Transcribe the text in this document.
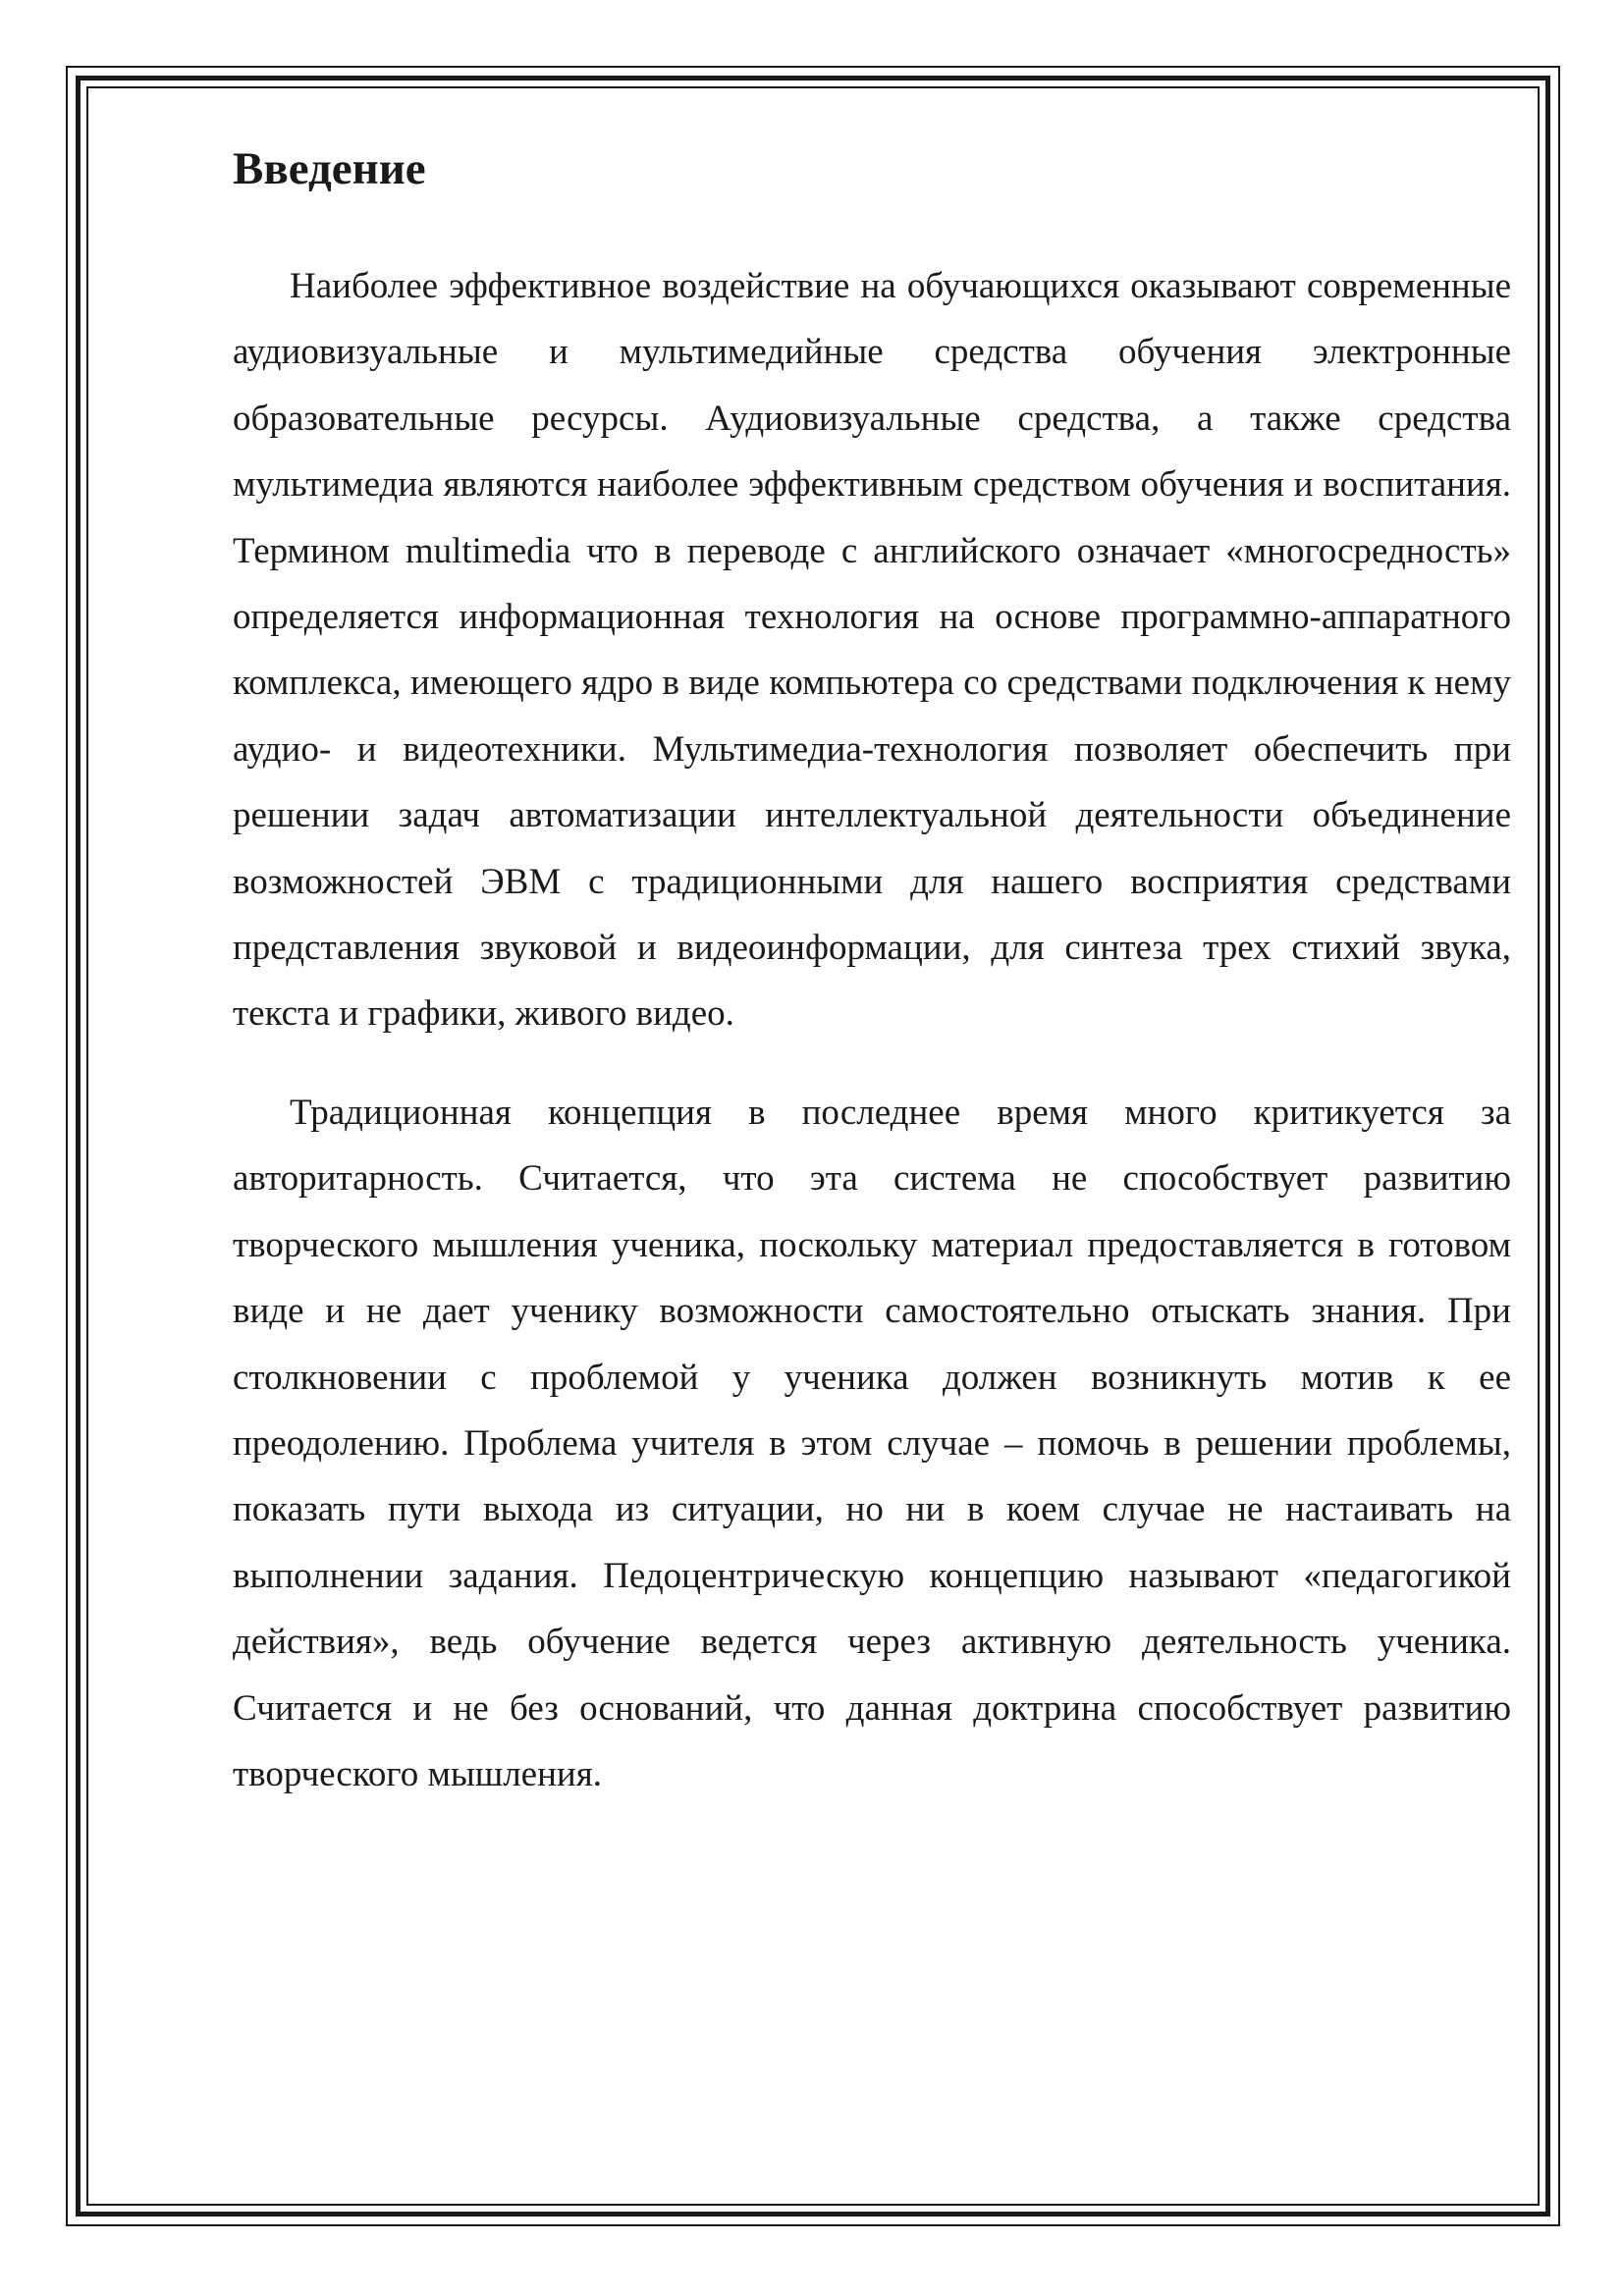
Введение

Наиболее эффективное воздействие на обучающихся оказывают современные аудиовизуальные и мультимедийные средства обучения электронные образовательные ресурсы. Аудиовизуальные средства, а также средства мультимедиа являются наиболее эффективным средством обучения и воспитания. Термином multimedia что в переводе с английского означает «многосредность» определяется информационная технология на основе программно-аппаратного комплекса, имеющего ядро в виде компьютера со средствами подключения к нему аудио- и видеотехники. Мультимедиа-технология позволяет обеспечить при решении задач автоматизации интеллектуальной деятельности объединение возможностей ЭВМ с традиционными для нашего восприятия средствами представления звуковой и видеоинформации, для синтеза трех стихий звука, текста и графики, живого видео.

Традиционная концепция в последнее время много критикуется за авторитарность. Считается, что эта система не способствует развитию творческого мышления ученика, поскольку материал предоставляется в готовом виде и не дает ученику возможности самостоятельно отыскать знания. При столкновении с проблемой у ученика должен возникнуть мотив к ее преодолению. Проблема учителя в этом случае – помочь в решении проблемы, показать пути выхода из ситуации, но ни в коем случае не настаивать на выполнении задания. Педоцентрическую концепцию называют «педагогикой действия», ведь обучение ведется через активную деятельность ученика. Считается и не без оснований, что данная доктрина способствует развитию творческого мышления.
